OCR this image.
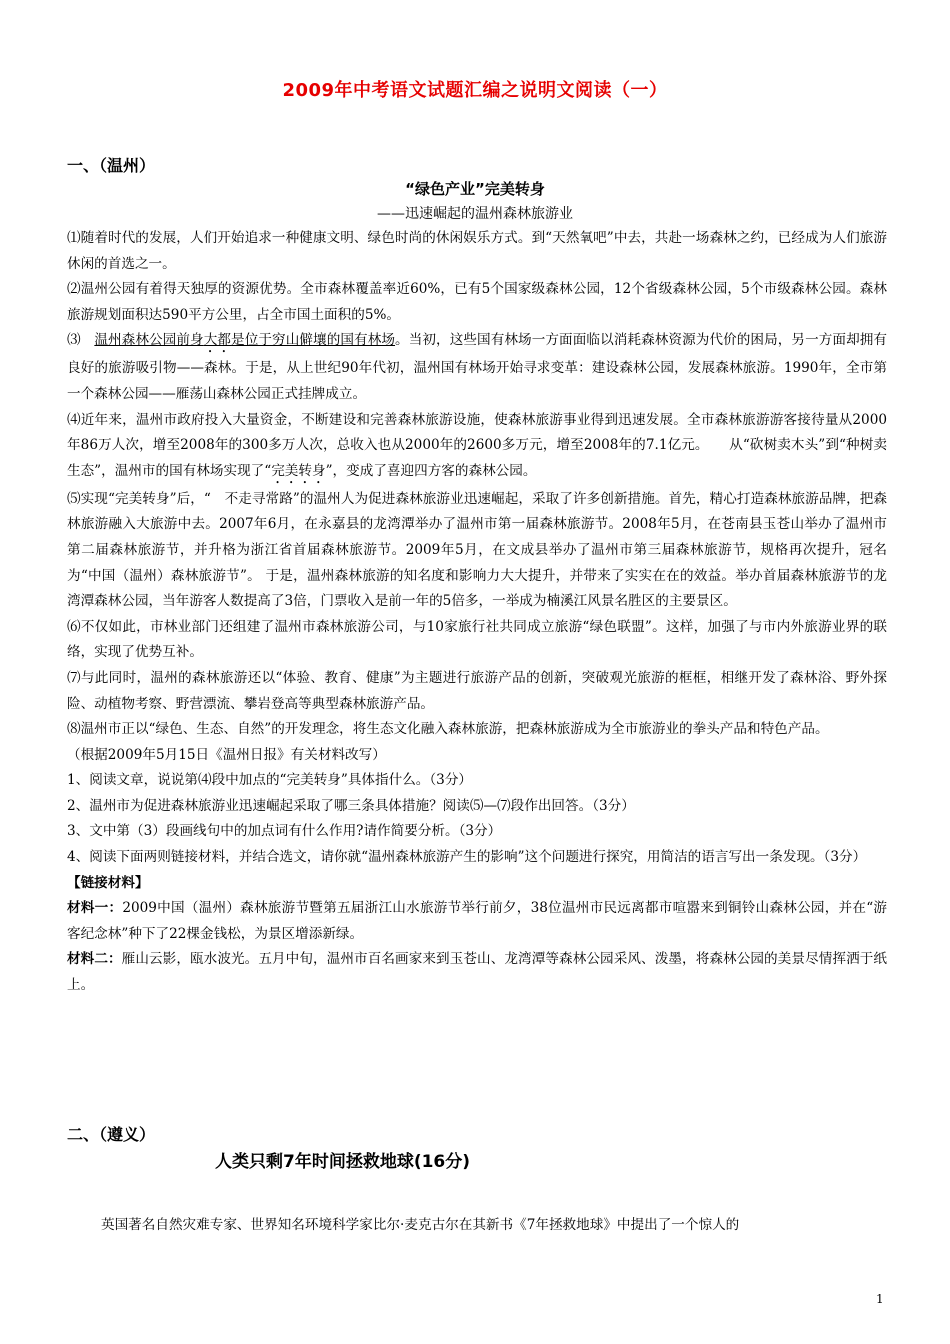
2009年中考语文试题汇编之说明文阅读（一）
一、（温州）
“绿色产业”完美转身
——迅速崛起的温州森林旅游业

⑴随着时代的发展，人们开始追求一种健康文明、绿色时尚的休闲娱乐方式。到“天然氧吧”中去，共赴一场森林之约，已经成为人们旅游休闲的首选之一。

⑵温州公园有着得天独厚的资源优势。全市森林覆盖率近60%，已有5个国家级森林公园，12个省级森林公园，5个市级森林公园。森林旅游规划面积达590平方公里，占全市国土面积的5%。

⑶　 温州森林公园前身大都是位于穷山僻壤的国有林场。当初，这些国有林场一方面面临以消耗森林资源为代价的困局，另一方面却拥有良好的旅游吸引物——森林。于是，从上世纪90年代初，温州国有林场开始寻求变革：建设森林公园，发展森林旅游。1990年，全市第一个森林公园——雁荡山森林公园正式挂牌成立。

⑷近年来，温州市政府投入大量资金，不断建设和完善森林旅游设施，使森林旅游事业得到迅速发展。全市森林旅游游客接待量从2000年86万人次，增至2008年的300多万人次，总收入也从2000年的2600多万元，增至2008年的7.1亿元。　　从“砍树卖木头”到“种树卖生态”，温州市的国有林场实现了“完美转身”，变成了喜迎四方客的森林公园。

⑸实现“完美转身”后，“　不走寻常路”的温州人为促进森林旅游业迅速崛起，采取了许多创新措施。首先，精心打造森林旅游品牌，把森林旅游融入大旅游中去。2007年6月，在永嘉县的龙湾潭举办了温州市第一届森林旅游节。2008年5月，在苍南县玉苍山举办了温州市第二届森林旅游节，并升格为浙江省首届森林旅游节。2009年5月，在文成县举办了温州市第三届森林旅游节，规格再次提升，冠名为“中国（温州）森林旅游节”。 于是，温州森林旅游的知名度和影响力大大提升，并带来了实实在在的效益。举办首届森林旅游节的龙湾潭森林公园，当年游客人数提高了3倍，门票收入是前一年的5倍多，一举成为楠溪江风景名胜区的主要景区。

⑹不仅如此，市林业部门还组建了温州市森林旅游公司，与10家旅行社共同成立旅游“绿色联盟”。这样，加强了与市内外旅游业界的联络，实现了优势互补。

⑺与此同时，温州的森林旅游还以“体验、教育、健康”为主题进行旅游产品的创新，突破观光旅游的框框，相继开发了森林浴、野外探险、动植物考察、野营漂流、攀岩登高等典型森林旅游产品。

⑻温州市正以“绿色、生态、自然”的开发理念，将生态文化融入森林旅游，把森林旅游成为全市旅游业的拳头产品和特色产品。

（根据2009年5月15日《温州日报》有关材料改写）

1、阅读文章，说说第⑷段中加点的“完美转身”具体指什么。（3分）

2、温州市为促进森林旅游业迅速崛起采取了哪三条具体措施？阅读⑸—⑺段作出回答。（3分）

3、文中第（3）段画线句中的加点词有什么作用?请作简要分析。（3分）

4、阅读下面两则链接材料，并结合选文，请你就“温州森林旅游产生的影响”这个问题进行探究，用简洁的语言写出一条发现。（3分）

【链接材料】

材料一：2009中国（温州）森林旅游节暨第五届浙江山水旅游节举行前夕，38位温州市民远离都市喧嚣来到铜铃山森林公园，并在“游客纪念林”种下了22棵金钱松，为景区增添新绿。

材料二：雁山云影，瓯水波光。五月中旬，温州市百名画家来到玉苍山、龙湾潭等森林公园采风、泼墨，将森林公园的美景尽情挥洒于纸上。

二、（遵义）
人类只剩7年时间拯救地球(16分)
英国著名自然灾难专家、世界知名环境科学家比尔·麦克古尔在其新书《7年拯救地球》中提出了一个惊人的
1
